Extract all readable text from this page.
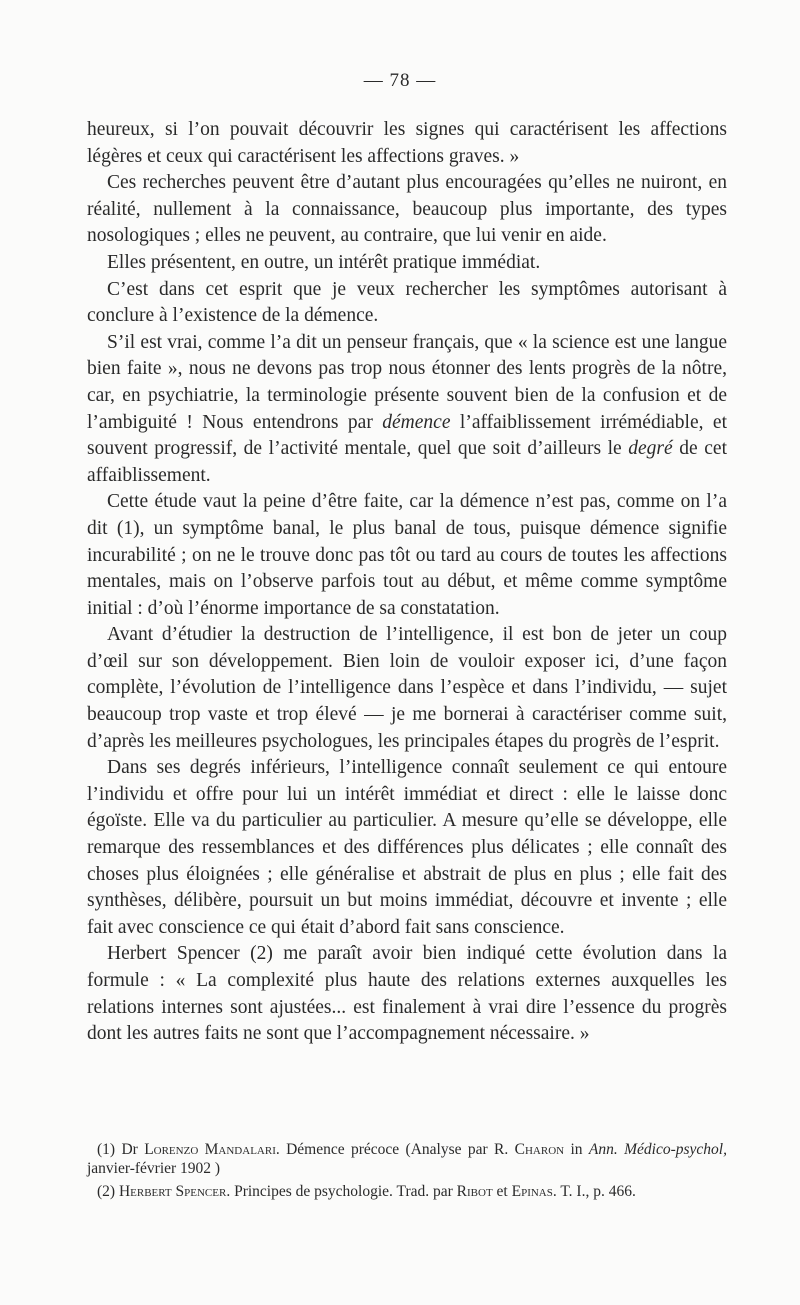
— 78 —

heureux, si l’on pouvait découvrir les signes qui caractérisent les affections légères et ceux qui caractérisent les affections graves. »

Ces recherches peuvent être d’autant plus encouragées qu’elles ne nuiront, en réalité, nullement à la connaissance, beaucoup plus importante, des types nosologiques ; elles ne peuvent, au contraire, que lui venir en aide.

Elles présentent, en outre, un intérêt pratique immédiat.

C’est dans cet esprit que je veux rechercher les symptômes autorisant à conclure à l’existence de la démence.

S’il est vrai, comme l’a dit un penseur français, que « la science est une langue bien faite », nous ne devons pas trop nous étonner des lents progrès de la nôtre, car, en psychiatrie, la terminologie présente souvent bien de la confusion et de l’ambiguité ! Nous entendrons par démence l’affaiblissement irrémédiable, et souvent progressif, de l’activité mentale, quel que soit d’ailleurs le degré de cet affaiblissement.

Cette étude vaut la peine d’être faite, car la démence n’est pas, comme on l’a dit (1), un symptôme banal, le plus banal de tous, puisque démence signifie incurabilité ; on ne le trouve donc pas tôt ou tard au cours de toutes les affections mentales, mais on l’observe parfois tout au début, et même comme symptôme initial : d’où l’énorme importance de sa constatation.

Avant d’étudier la destruction de l’intelligence, il est bon de jeter un coup d’œil sur son développement. Bien loin de vouloir exposer ici, d’une façon complète, l’évolution de l’intelligence dans l’espèce et dans l’individu, — sujet beaucoup trop vaste et trop élevé — je me bornerai à caractériser comme suit, d’après les meilleures psychologues, les principales étapes du progrès de l’esprit.

Dans ses degrés inférieurs, l’intelligence connaît seulement ce qui entoure l’individu et offre pour lui un intérêt immédiat et direct : elle le laisse donc égoïste. Elle va du particulier au particulier. A mesure qu’elle se développe, elle remarque des ressemblances et des différences plus délicates ; elle connaît des choses plus éloignées ; elle généralise et abstrait de plus en plus ; elle fait des synthèses, délibère, poursuit un but moins immédiat, découvre et invente ; elle fait avec conscience ce qui était d’abord fait sans conscience.

Herbert Spencer (2) me paraît avoir bien indiqué cette évolution dans la formule : « La complexité plus haute des relations externes auxquelles les relations internes sont ajustées... est finalement à vrai dire l’essence du progrès dont les autres faits ne sont que l’accompagnement nécessaire. »

(1) Dr Lorenzo Mandalari. Démence précoce (Analyse par R. Charon in Ann. Médico-psychol, janvier-février 1902 )

(2) Herbert Spencer. Principes de psychologie. Trad. par Ribot et Epinas. T. I., p. 466.
